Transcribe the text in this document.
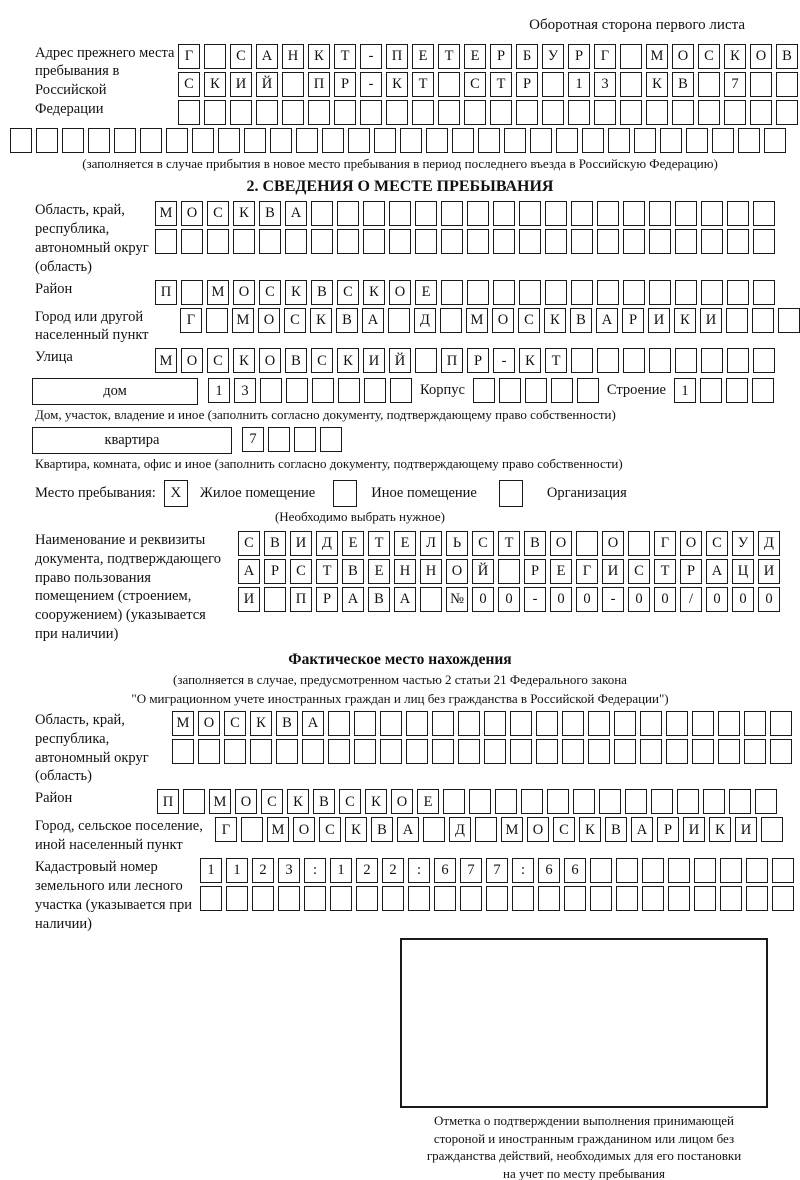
Оборотная сторона первого листа
Адрес прежнего места пребывания в Российской Федерации
Г	С	А	Н	К	Т	-	П	Е	Т	Е	Р	Б	У	Р	Г	М О	С	К	О	В
С	К	И	Й	П	Р	-	К	Т	С	Т	Р	1	3	К	В	7
(заполняется в случае прибытия в новое место пребывания в период последнего въезда в Российскую Федерацию)
2. СВЕДЕНИЯ О МЕСТЕ ПРЕБЫВАНИЯ
Область, край, республика, автономный округ (область)
М О	С	К	В	А
Район	П	М О	С	К	В	С	К	О	Е
Город или другой населенный пункт
Г	М О	С	К	В	А	Д	М О	С	К	В	А	Р	И	К	И
Улица	М О	С	К	О	В	С	К	И	Й	П	Р	-	К	Т
дом	1	3	Корпус	Строение	1
Дом, участок, владение и иное (заполнить согласно документу, подтверждающему право собственности)
квартира	7
Квартира, комната, офис и иное (заполнить согласно документу, подтверждающему право собственности)
Место пребывания: X	Жилое помещение	Иное помещение	Организация
(Необходимо выбрать нужное)
Наименование и реквизиты документа, подтверждающего право пользования помещением (строением, сооружением) (указывается при наличии)
С	В	И	Д	Е	Т	Е	Л	Ь	С	Т	В	О	О	Г	О	С	У	Д
А	Р	С	Т	В	Е	Н	Н	О	Й	Р	Е	Г	И	С	Т	Р	А	Ц	И
И	П	Р	А	В	А	№	0	0	-	0	0	-	0	0	/	0	0	0
Фактическое место нахождения
(заполняется в случае, предусмотренном частью 2 статьи 21 Федерального закона
"О миграционном учете иностранных граждан и лиц без гражданства в Российской Федерации")
Область, край, республика, автономный округ (область)
М О	С	К	В	А
Район	П	М О	С	К	В	С	К	О	Е
Город, сельское поселение, иной населенный пункт
Г	М О	С	К	В	А	Д	М О	С	К	В	А	Р	И	К	И
Кадастровый номер земельного или лесного участка (указывается при наличии)
1	1	2	3	:	1	2	2	:	6	7	7	:	6	6
Отметка о подтверждении выполнения принимающей
стороной и иностранным гражданином или лицом без
гражданства действий, необходимых для его постановки
на учет по месту пребывания
